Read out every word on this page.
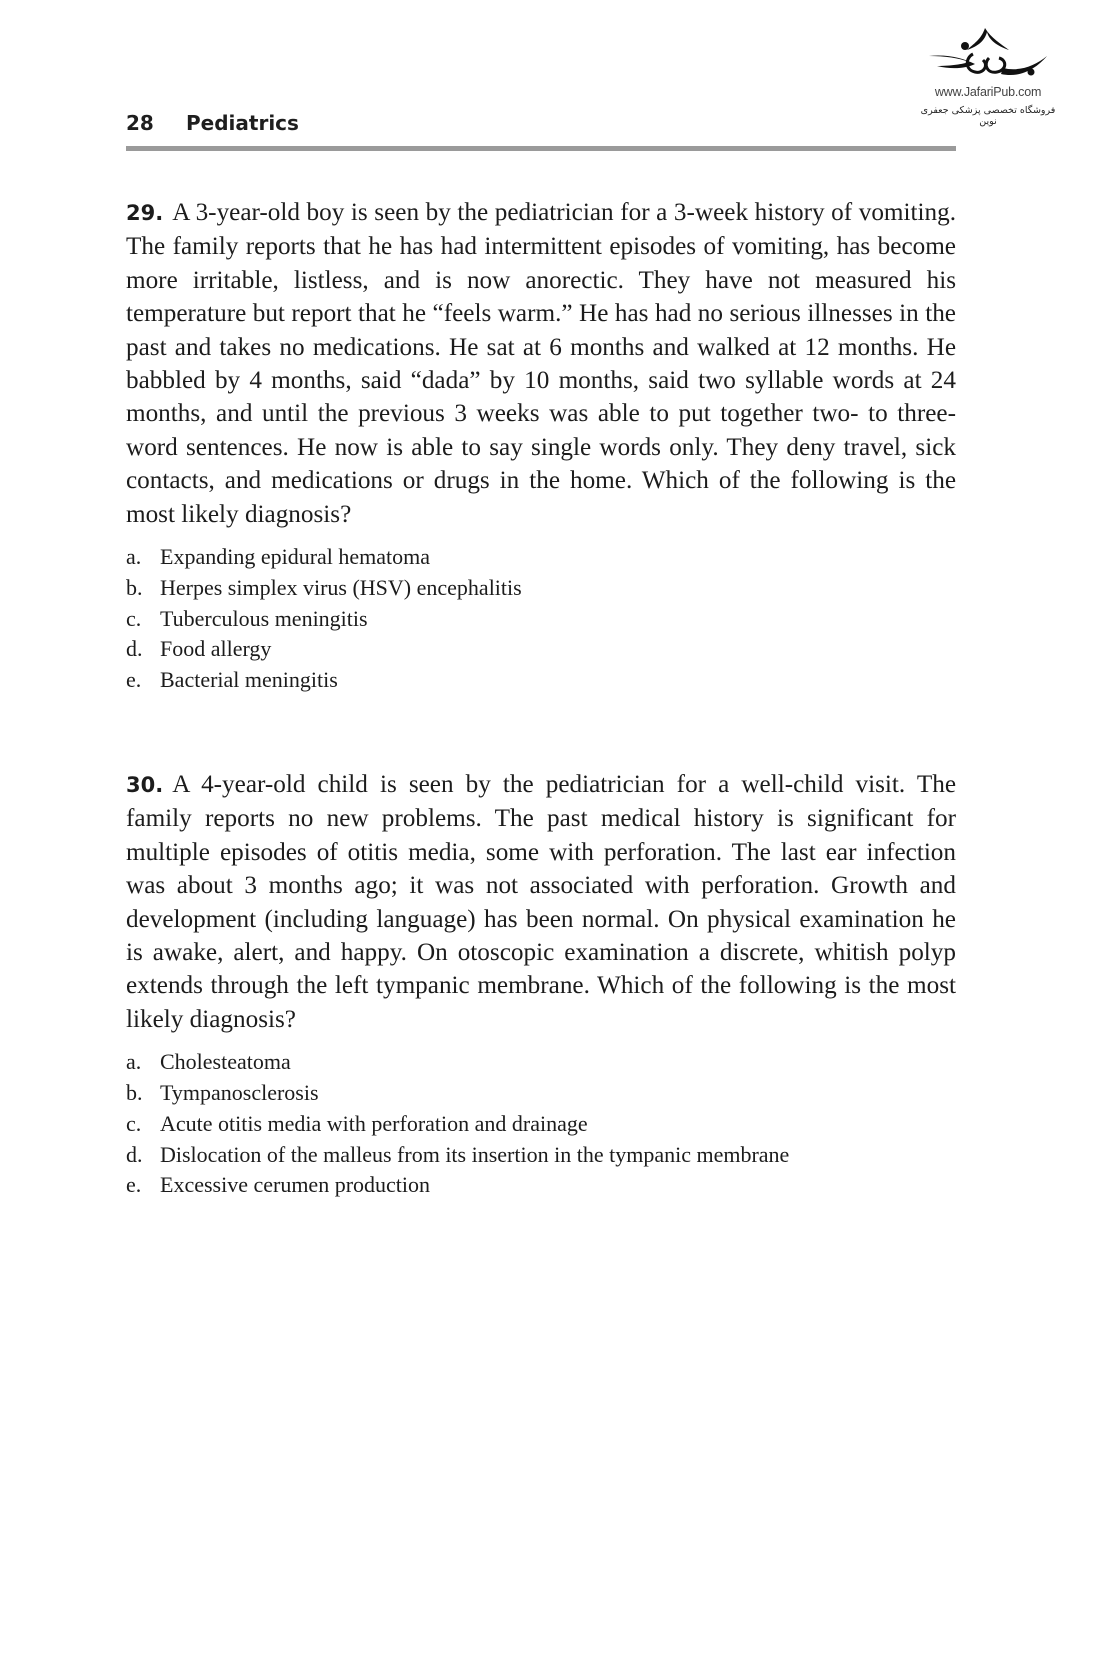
www.JafariPub.com
فروشگاه تخصصی پزشکی جعفری نوین
28 Pediatrics
29. A 3-year-old boy is seen by the pediatrician for a 3-week history of vomiting. The family reports that he has had intermittent episodes of vomiting, has become more irritable, listless, and is now anorectic. They have not measured his temperature but report that he “feels warm.” He has had no serious illnesses in the past and takes no medications. He sat at 6 months and walked at 12 months. He babbled by 4 months, said “dada” by 10 months, said two syllable words at 24 months, and until the previous 3 weeks was able to put together two- to three-word sentences. He now is able to say single words only. They deny travel, sick contacts, and medications or drugs in the home. Which of the following is the most likely diagnosis?
a. Expanding epidural hematoma
b. Herpes simplex virus (HSV) encephalitis
c. Tuberculous meningitis
d. Food allergy
e. Bacterial meningitis
30. A 4-year-old child is seen by the pediatrician for a well-child visit. The family reports no new problems. The past medical history is significant for multiple episodes of otitis media, some with perforation. The last ear infection was about 3 months ago; it was not associated with perforation. Growth and development (including language) has been normal. On physical examination he is awake, alert, and happy. On otoscopic examination a discrete, whitish polyp extends through the left tympanic membrane. Which of the following is the most likely diagnosis?
a. Cholesteatoma
b. Tympanosclerosis
c. Acute otitis media with perforation and drainage
d. Dislocation of the malleus from its insertion in the tympanic membrane
e. Excessive cerumen production
